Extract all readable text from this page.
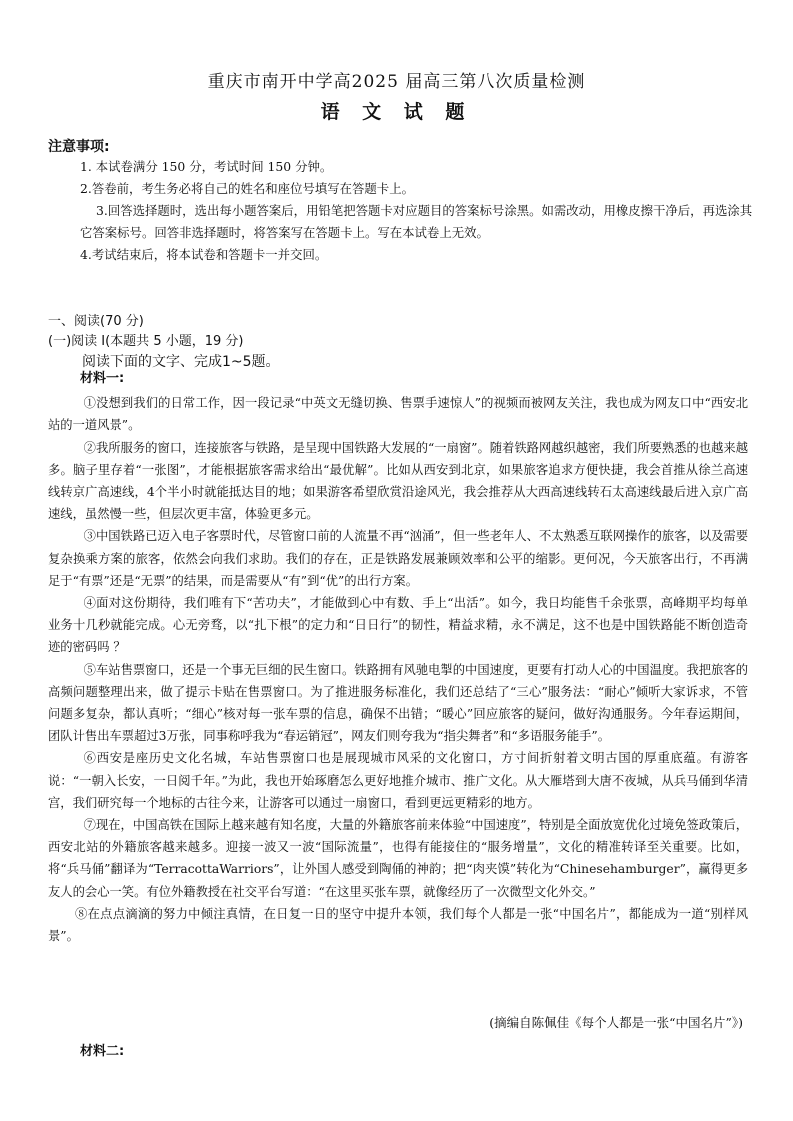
重庆市南开中学高2025 届高三第八次质量检测
语 文 试 题
注意事项:
1. 本试卷满分 150 分，考试时间 150 分钟。
2.答卷前，考生务必将自己的姓名和座位号填写在答题卡上。
3.回答选择题时，选出每小题答案后，用铅笔把答题卡对应题目的答案标号涂黑。如需改动，用橡皮擦干净后，再选涂其它答案标号。回答非选择题时，将答案写在答题卡上。写在本试卷上无效。
4.考试结束后，将本试卷和答题卡一并交回。
一、阅读(70 分)
(一)阅读 I(本题共 5 小题，19 分)
阅读下面的文字、完成1~5题。

材料一:

①没想到我们的日常工作，因一段记录“中英文无缝切换、售票手速惊人”的视频而被网友关注，我也成为网友口中“西安北站的一道风景”。

②我所服务的窗口，连接旅客与铁路，是呈现中国铁路大发展的“一扇窗”。随着铁路网越织越密，我们所要熟悉的也越来越多。脑子里存着“一张图”，才能根据旅客需求给出“最优解”。比如从西安到北京，如果旅客追求方便快捷，我会首推从徐兰高速线转京广高速线，4个半小时就能抵达目的地；如果游客希望欣赏沿途风光，我会推荐从大西高速线转石太高速线最后进入京广高速线，虽然慢一些，但层次更丰富，体验更多元。

③中国铁路已迈入电子客票时代，尽管窗口前的人流量不再“汹涌”，但一些老年人、不太熟悉互联网操作的旅客，以及需要复杂换乘方案的旅客，依然会向我们求助。我们的存在，正是铁路发展兼顾效率和公平的缩影。更何况，今天旅客出行，不再满足于“有票”还是“无票”的结果，而是需要从“有”到“优”的出行方案。

④面对这份期待，我们唯有下“苦功夫”，才能做到心中有数、手上“出活”。如今，我日均能售千余张票，高峰期平均每单业务十几秒就能完成。心无旁骛，以“扎下根”的定力和“日日行”的韧性，精益求精，永不满足，这不也是中国铁路能不断创造奇迹的密码吗 ？

⑤车站售票窗口，还是一个事无巨细的民生窗口。铁路拥有风驰电掣的中国速度，更要有打动人心的中国温度。我把旅客的高频问题整理出来，做了提示卡贴在售票窗口。为了推进服务标准化，我们还总结了“三心”服务法：“耐心”倾听大家诉求，不管问题多复杂，都认真听；“细心”核对每一张车票的信息，确保不出错；“暖心”回应旅客的疑问，做好沟通服务。今年春运期间，团队计售出车票超过3万张，同事称呼我为“春运销冠”，网友们则夸我为“指尖舞者”和“多语服务能手”。

⑥西安是座历史文化名城，车站售票窗口也是展现城市风采的文化窗口，方寸间折射着文明古国的厚重底蕴。有游客说：“一朝入长安，一日阅千年。”为此，我也开始琢磨怎么更好地推介城市、推广文化。从大雁塔到大唐不夜城，从兵马俑到华清宫，我们研究每一个地标的古往今来，让游客可以通过一扇窗口，看到更远更精彩的地方。

⑦现在，中国高铁在国际上越来越有知名度，大量的外籍旅客前来体验“中国速度”，特别是全面放宽优化过境免签政策后，西安北站的外籍旅客越来越多。迎接一波又一波“国际流量”，也得有能接住的“服务增量”，文化的精准转译至关重要。比如，将“兵马俑”翻译为“TerracottaWarriors”，让外国人感受到陶俑的神韵；把“肉夹馍”转化为“Chinesehamburger”，赢得更多友人的会心一笑。有位外籍教授在社交平台写道：“在这里买张车票，就像经历了一次微型文化外交。”

⑧在点点滴滴的努力中倾注真情，在日复一日的坚守中提升本领，我们每个人都是一张“中国名片”，都能成为一道“别样风景”。

(摘编自陈佩佳《每个人都是一张“中国名片”》)
材料二:
